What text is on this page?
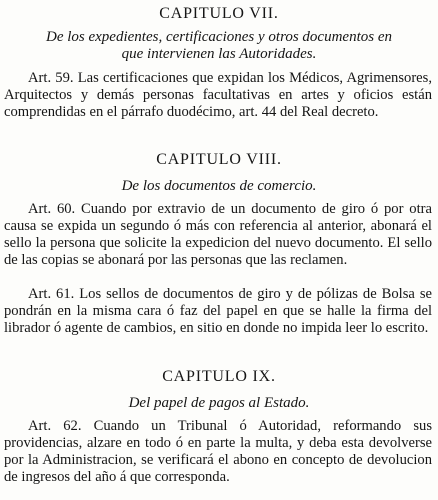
CAPITULO VII.
De los expedientes, certificaciones y otros documentos en
que intervienen las Autoridades.

Art. 59. Las certificaciones que expidan los Médicos, Agrimensores, Arquitectos y demás personas facultativas en artes y oficios están comprendidas en el párrafo duodécimo, art. 44 del Real decreto.

CAPITULO VIII.
De los documentos de comercio.

Art. 60. Cuando por extravio de un documento de giro ó por otra causa se expida un segundo ó más con referencia al anterior, abonará el sello la persona que solicite la expedicion del nuevo documento. El sello de las copias se abonará por las personas que las reclamen.

Art. 61. Los sellos de documentos de giro y de pólizas de Bolsa se pondrán en la misma cara ó faz del papel en que se halle la firma del librador ó agente de cambios, en sitio en donde no impida leer lo escrito.

CAPITULO IX.
Del papel de pagos al Estado.

Art. 62. Cuando un Tribunal ó Autoridad, reformando sus providencias, alzare en todo ó en parte la multa, y deba esta devolverse por la Administracion, se verificará el abono en concepto de devolucion de ingresos del año á que corresponda.
